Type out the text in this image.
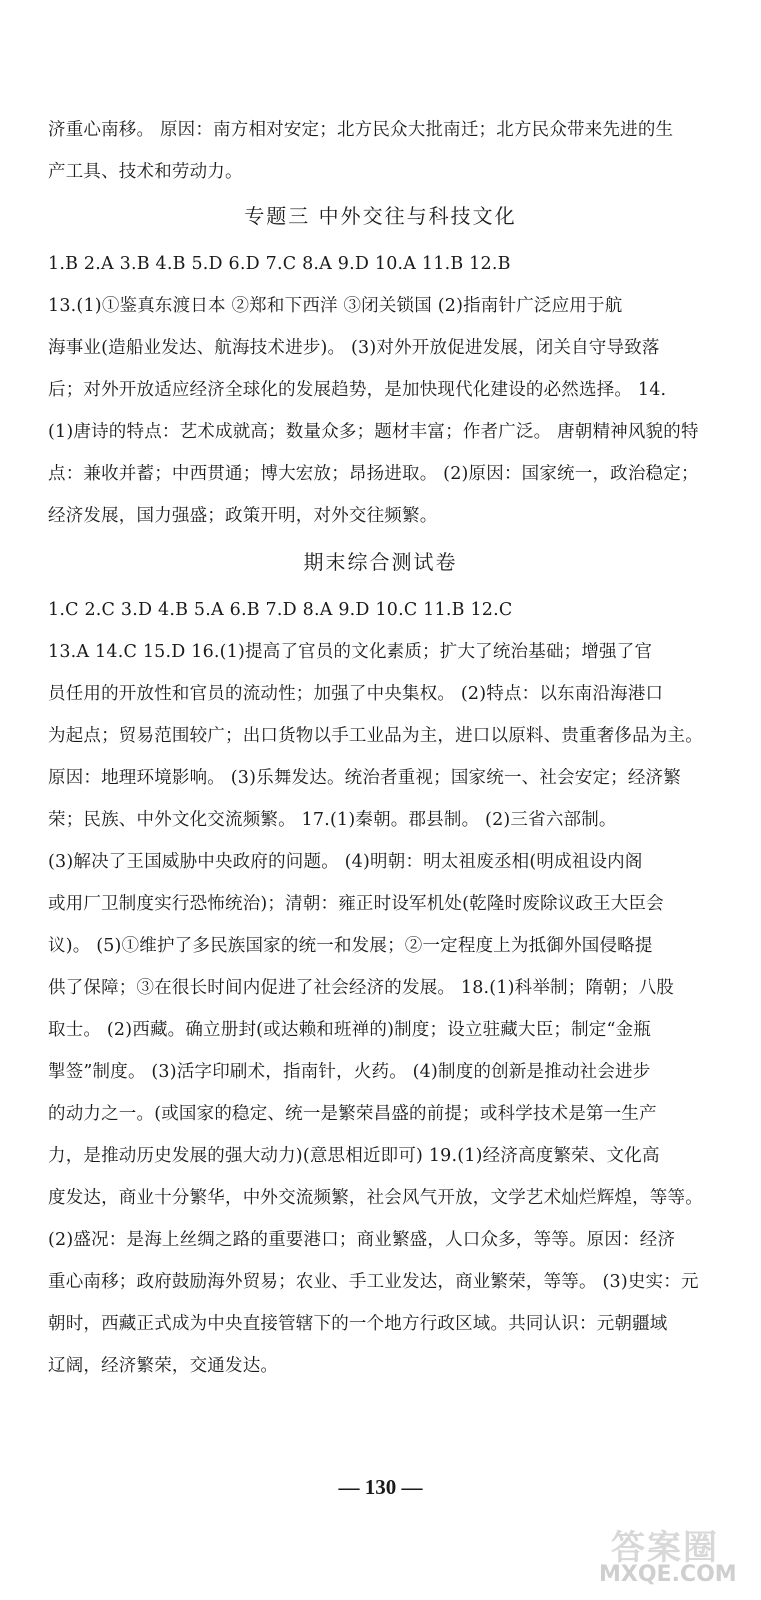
济重心南移。 原因：南方相对安定；北方民众大批南迁；北方民众带来先进的生
产工具、技术和劳动力。
专题三 中外交往与科技文化
1.B 2.A 3.B 4.B 5.D 6.D 7.C 8.A 9.D 10.A 11.B 12.B
13.(1)①鉴真东渡日本 ②郑和下西洋 ③闭关锁国 (2)指南针广泛应用于航
海事业(造船业发达、航海技术进步)。 (3)对外开放促进发展，闭关自守导致落
后；对外开放适应经济全球化的发展趋势，是加快现代化建设的必然选择。 14.
(1)唐诗的特点：艺术成就高；数量众多；题材丰富；作者广泛。 唐朝精神风貌的特
点：兼收并蓄；中西贯通；博大宏放；昂扬进取。 (2)原因：国家统一，政治稳定；
经济发展，国力强盛；政策开明，对外交往频繁。
期末综合测试卷
1.C 2.C 3.D 4.B 5.A 6.B 7.D 8.A 9.D 10.C 11.B 12.C
13.A 14.C 15.D 16.(1)提高了官员的文化素质；扩大了统治基础；增强了官
员任用的开放性和官员的流动性；加强了中央集权。 (2)特点：以东南沿海港口
为起点；贸易范围较广；出口货物以手工业品为主，进口以原料、贵重奢侈品为主。
原因：地理环境影响。 (3)乐舞发达。统治者重视；国家统一、社会安定；经济繁
荣；民族、中外文化交流频繁。 17.(1)秦朝。郡县制。 (2)三省六部制。
(3)解决了王国威胁中央政府的问题。 (4)明朝：明太祖废丞相(明成祖设内阁
或用厂卫制度实行恐怖统治)；清朝：雍正时设军机处(乾隆时废除议政王大臣会
议)。 (5)①维护了多民族国家的统一和发展；②一定程度上为抵御外国侵略提
供了保障；③在很长时间内促进了社会经济的发展。 18.(1)科举制；隋朝；八股
取士。 (2)西藏。确立册封(或达赖和班禅的)制度；设立驻藏大臣；制定“金瓶
掣签”制度。 (3)活字印刷术，指南针，火药。 (4)制度的创新是推动社会进步
的动力之一。(或国家的稳定、统一是繁荣昌盛的前提；或科学技术是第一生产
力，是推动历史发展的强大动力)(意思相近即可) 19.(1)经济高度繁荣、文化高
度发达，商业十分繁华，中外交流频繁，社会风气开放，文学艺术灿烂辉煌，等等。
(2)盛况：是海上丝绸之路的重要港口；商业繁盛，人口众多，等等。原因：经济
重心南移；政府鼓励海外贸易；农业、手工业发达，商业繁荣，等等。 (3)史实：元
朝时，西藏正式成为中央直接管辖下的一个地方行政区域。共同认识：元朝疆域
辽阔，经济繁荣，交通发达。
— 130 —
答案圈
MXQE.COM
